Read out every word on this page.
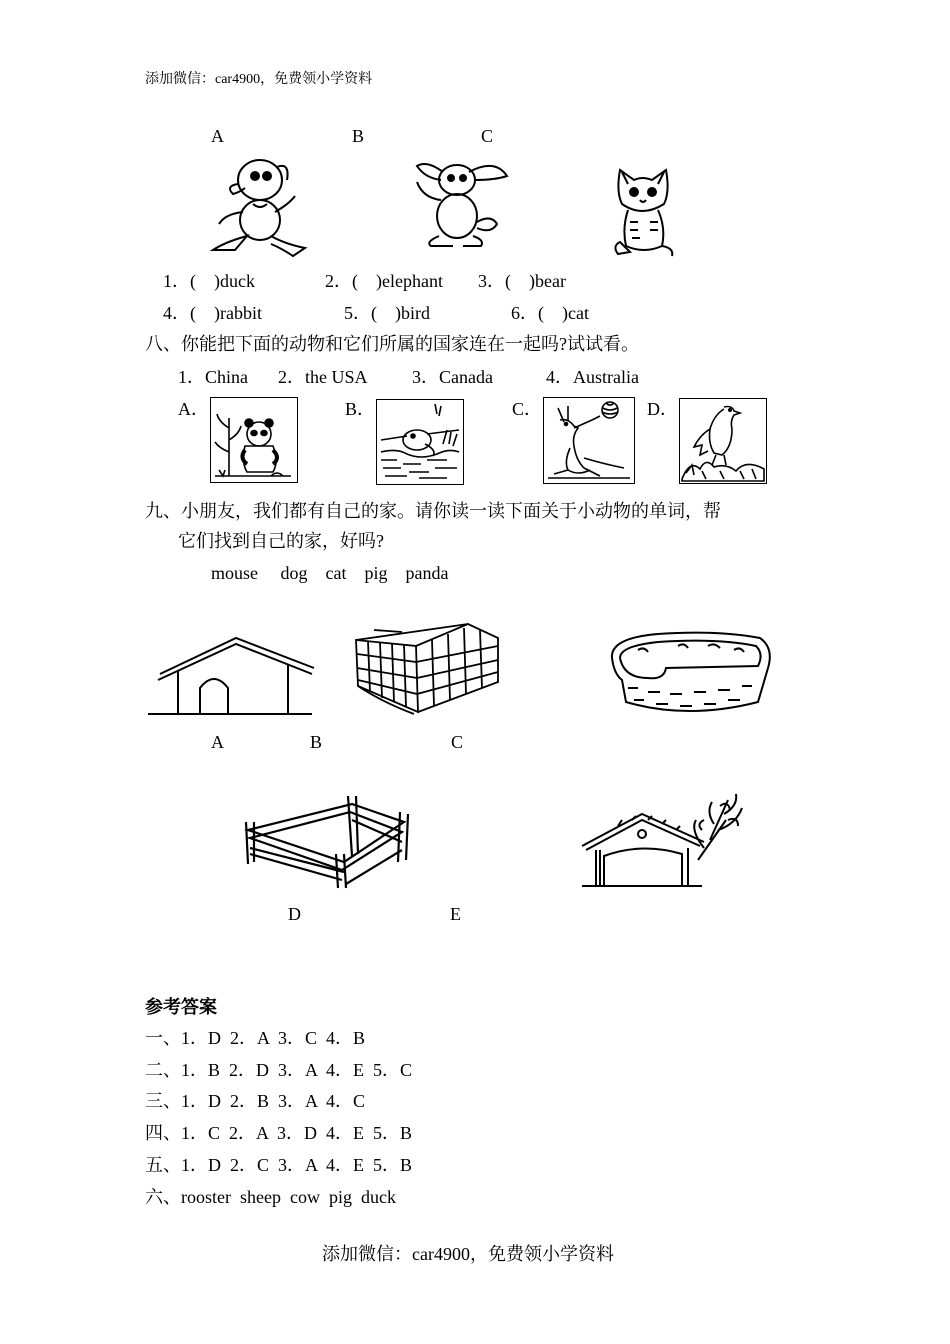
添加微信：car4900，免费领小学资料
A	B	C
1．(　)duck	2．(　)elephant 3．(　)bear
4．(　)rabbit	5．(　)bird	6．(　)cat
八、你能把下面的动物和它们所属的国家连在一起吗?试试看。
1．China 2．the USA 3．Canada	4．Australia
A．	B．	C．	D．
九、小朋友，我们都有自己的家。请你读一读下面关于小动物的单词，帮
它们找到自己的家，好吗?
mouse　 dog　cat　pig　panda
A	B	C
D	E
参考答案
一、1．D  2．A  3．C  4．B
二、1．B  2．D  3．A  4．E  5．C
三、1．D  2．B  3．A  4．C
四、1．C  2．A  3．D  4．E  5．B
五、1．D  2．C  3．A  4．E  5．B
六、rooster  sheep  cow  pig  duck
添加微信：car4900，免费领小学资料
